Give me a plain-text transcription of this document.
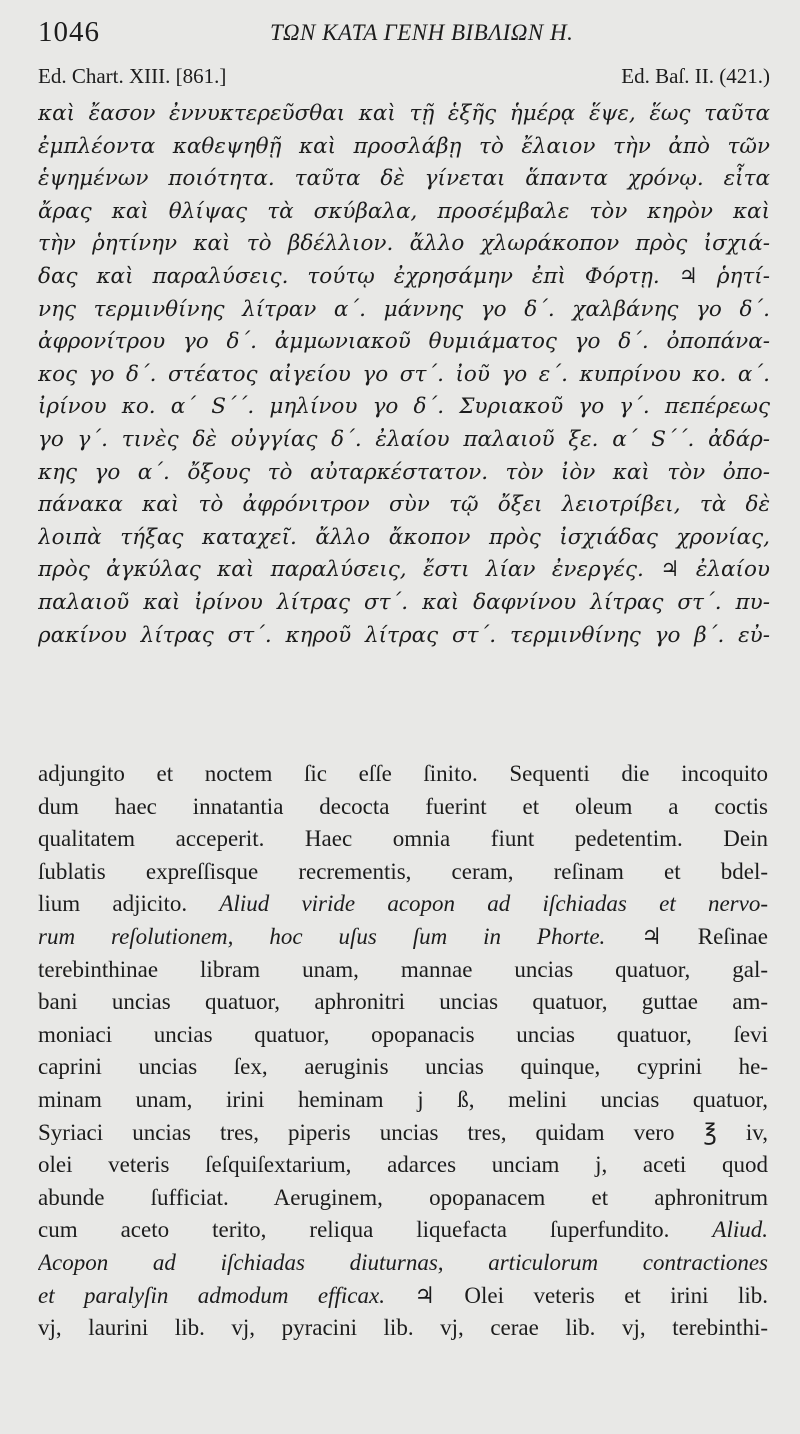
1046	ΤΩΝ ΚΑΤΑ ΓΕΝΗ ΒΙΒΛΙΩΝ Η.
Ed. Chart. XIII. [861.]	Ed. Baſ. II. (421.)
καὶ ἔασον ἐννυκτερεῦσθαι καὶ τῇ ἑξῆς ἡμέρᾳ ἕψε, ἕως ταῦτα
ἐμπλέοντα καθεψηθῇ καὶ προσλάβῃ τὸ ἔλαιον τὴν ἀπὸ τῶν
ἑψημένων ποιότητα. ταῦτα δὲ γίνεται ἅπαντα χρόνῳ. εἶτα
ἄρας καὶ θλίψας τὰ σκύβαλα, προσέμβαλε τὸν κηρὸν καὶ
τὴν ῥητίνην καὶ τὸ βδέλλιον. ἄλλο χλωράκοπον πρὸς ἰσχιά-
δας καὶ παραλύσεις. τούτῳ ἐχρησάμην ἐπὶ Φόρτῃ. ♃ ῥητί-
νης τερμινθίνης λίτραν α΄. μάννης γο δ΄. χαλβάνης γο δ΄.
ἀφρονίτρου γο δ΄. ἀμμωνιακοῦ θυμιάματος γο δ΄. ὀποπάνα-
κος γο δ΄. στέατος αἰγείου γο στ΄. ἰοῦ γο ε΄. κυπρίνου κο. α΄.
ἰρίνου κο. α΄ S΄΄. μηλίνου γο δ΄. Συριακοῦ γο γ΄. πεπέρεως
γο γ΄. τινὲς δὲ οὐγγίας δ΄. ἐλαίου παλαιοῦ ξε. α΄ S΄΄. ἀδάρ-
κης γο α΄. ὄξους τὸ αὐταρκέστατον. τὸν ἰὸν καὶ τὸν ὀπο-
πάνακα καὶ τὸ ἀφρόνιτρον σὺν τῷ ὄξει λειοτρίβει, τὰ δὲ
λοιπὰ τήξας καταχεῖ. ἄλλο ἄκοπον πρὸς ἰσχιάδας χρονίας,
πρὸς ἀγκύλας καὶ παραλύσεις, ἔστι λίαν ἐνεργές. ♃ ἐλαίου
παλαιοῦ καὶ ἰρίνου λίτρας στ΄. καὶ δαφνίνου λίτρας στ΄. πυ-
ρακίνου λίτρας στ΄. κηροῦ λίτρας στ΄. τερμινθίνης γο β΄. εὐ-
adjungito et noctem ſic eſſe ſinito. Sequenti die incoquito
dum haec innatantia decocta fuerint et oleum a coctis
qualitatem acceperit. Haec omnia fiunt pedetentim. Dein
ſublatis expreſſisque recrementis, ceram, reſinam et bdel-
lium adjicito. Aliud viride acopon ad iſchiadas et nervo-
rum reſolutionem, hoc uſus ſum in Phorte. ♃ Reſinae
terebinthinae libram unam, mannae uncias quatuor, gal-
bani uncias quatuor, aphronitri uncias quatuor, guttae am-
moniaci uncias quatuor, opopanacis uncias quatuor, ſevi
caprini uncias ſex, aeruginis uncias quinque, cyprini he-
minam unam, irini heminam j ß, melini uncias quatuor,
Syriaci uncias tres, piperis uncias tres, quidam vero ℥ iv,
olei veteris ſeſquiſextarium, adarces unciam j, aceti quod
abunde ſufficiat. Aeruginem, opopanacem et aphronitrum
cum aceto terito, reliqua liquefacta ſuperfundito. Aliud.
Acopon ad iſchiadas diuturnas, articulorum contractiones
et paralyſin admodum efficax. ♃ Olei veteris et irini lib.
vj, laurini lib. vj, pyracini lib. vj, cerae lib. vj, terebinthi-
